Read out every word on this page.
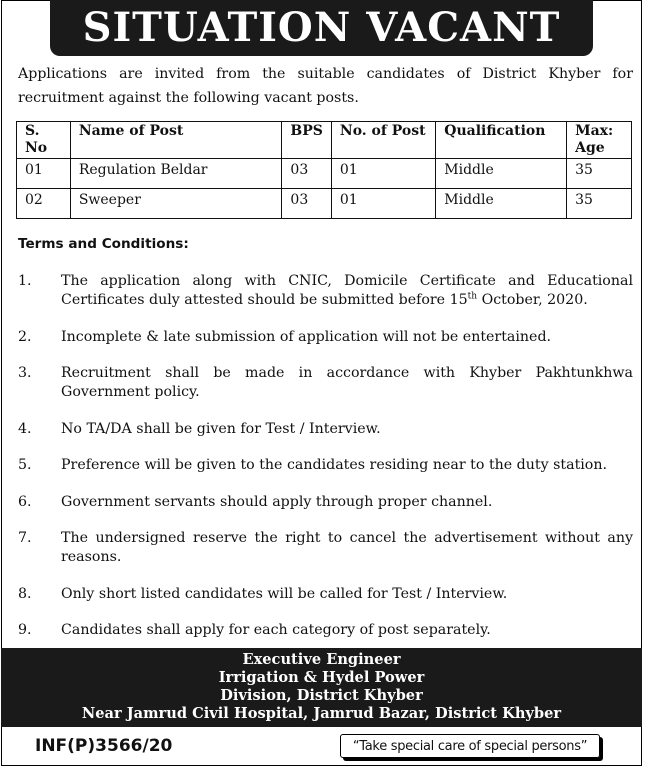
SITUATION VACANT
Applications are invited from the suitable candidates of District Khyber for recruitment against the following vacant posts.
S. No	Name of Post	BPS	No. of Post	Qualification	Max: Age
01	Regulation Beldar	03	01	Middle	35
02	Sweeper	03	01	Middle	35
Terms and Conditions:
1. The application along with CNIC, Domicile Certificate and Educational Certificates duly attested should be submitted before 15th October, 2020.
2. Incomplete & late submission of application will not be entertained.
3. Recruitment shall be made in accordance with Khyber Pakhtunkhwa Government policy.
4. No TA/DA shall be given for Test / Interview.
5. Preference will be given to the candidates residing near to the duty station.
6. Government servants should apply through proper channel.
7. The undersigned reserve the right to cancel the advertisement without any reasons.
8. Only short listed candidates will be called for Test / Interview.
9. Candidates shall apply for each category of post separately.
Executive Engineer
Irrigation & Hydel Power
Division, District Khyber
Near Jamrud Civil Hospital, Jamrud Bazar, District Khyber
INF(P)3566/20	“Take special care of special persons”
